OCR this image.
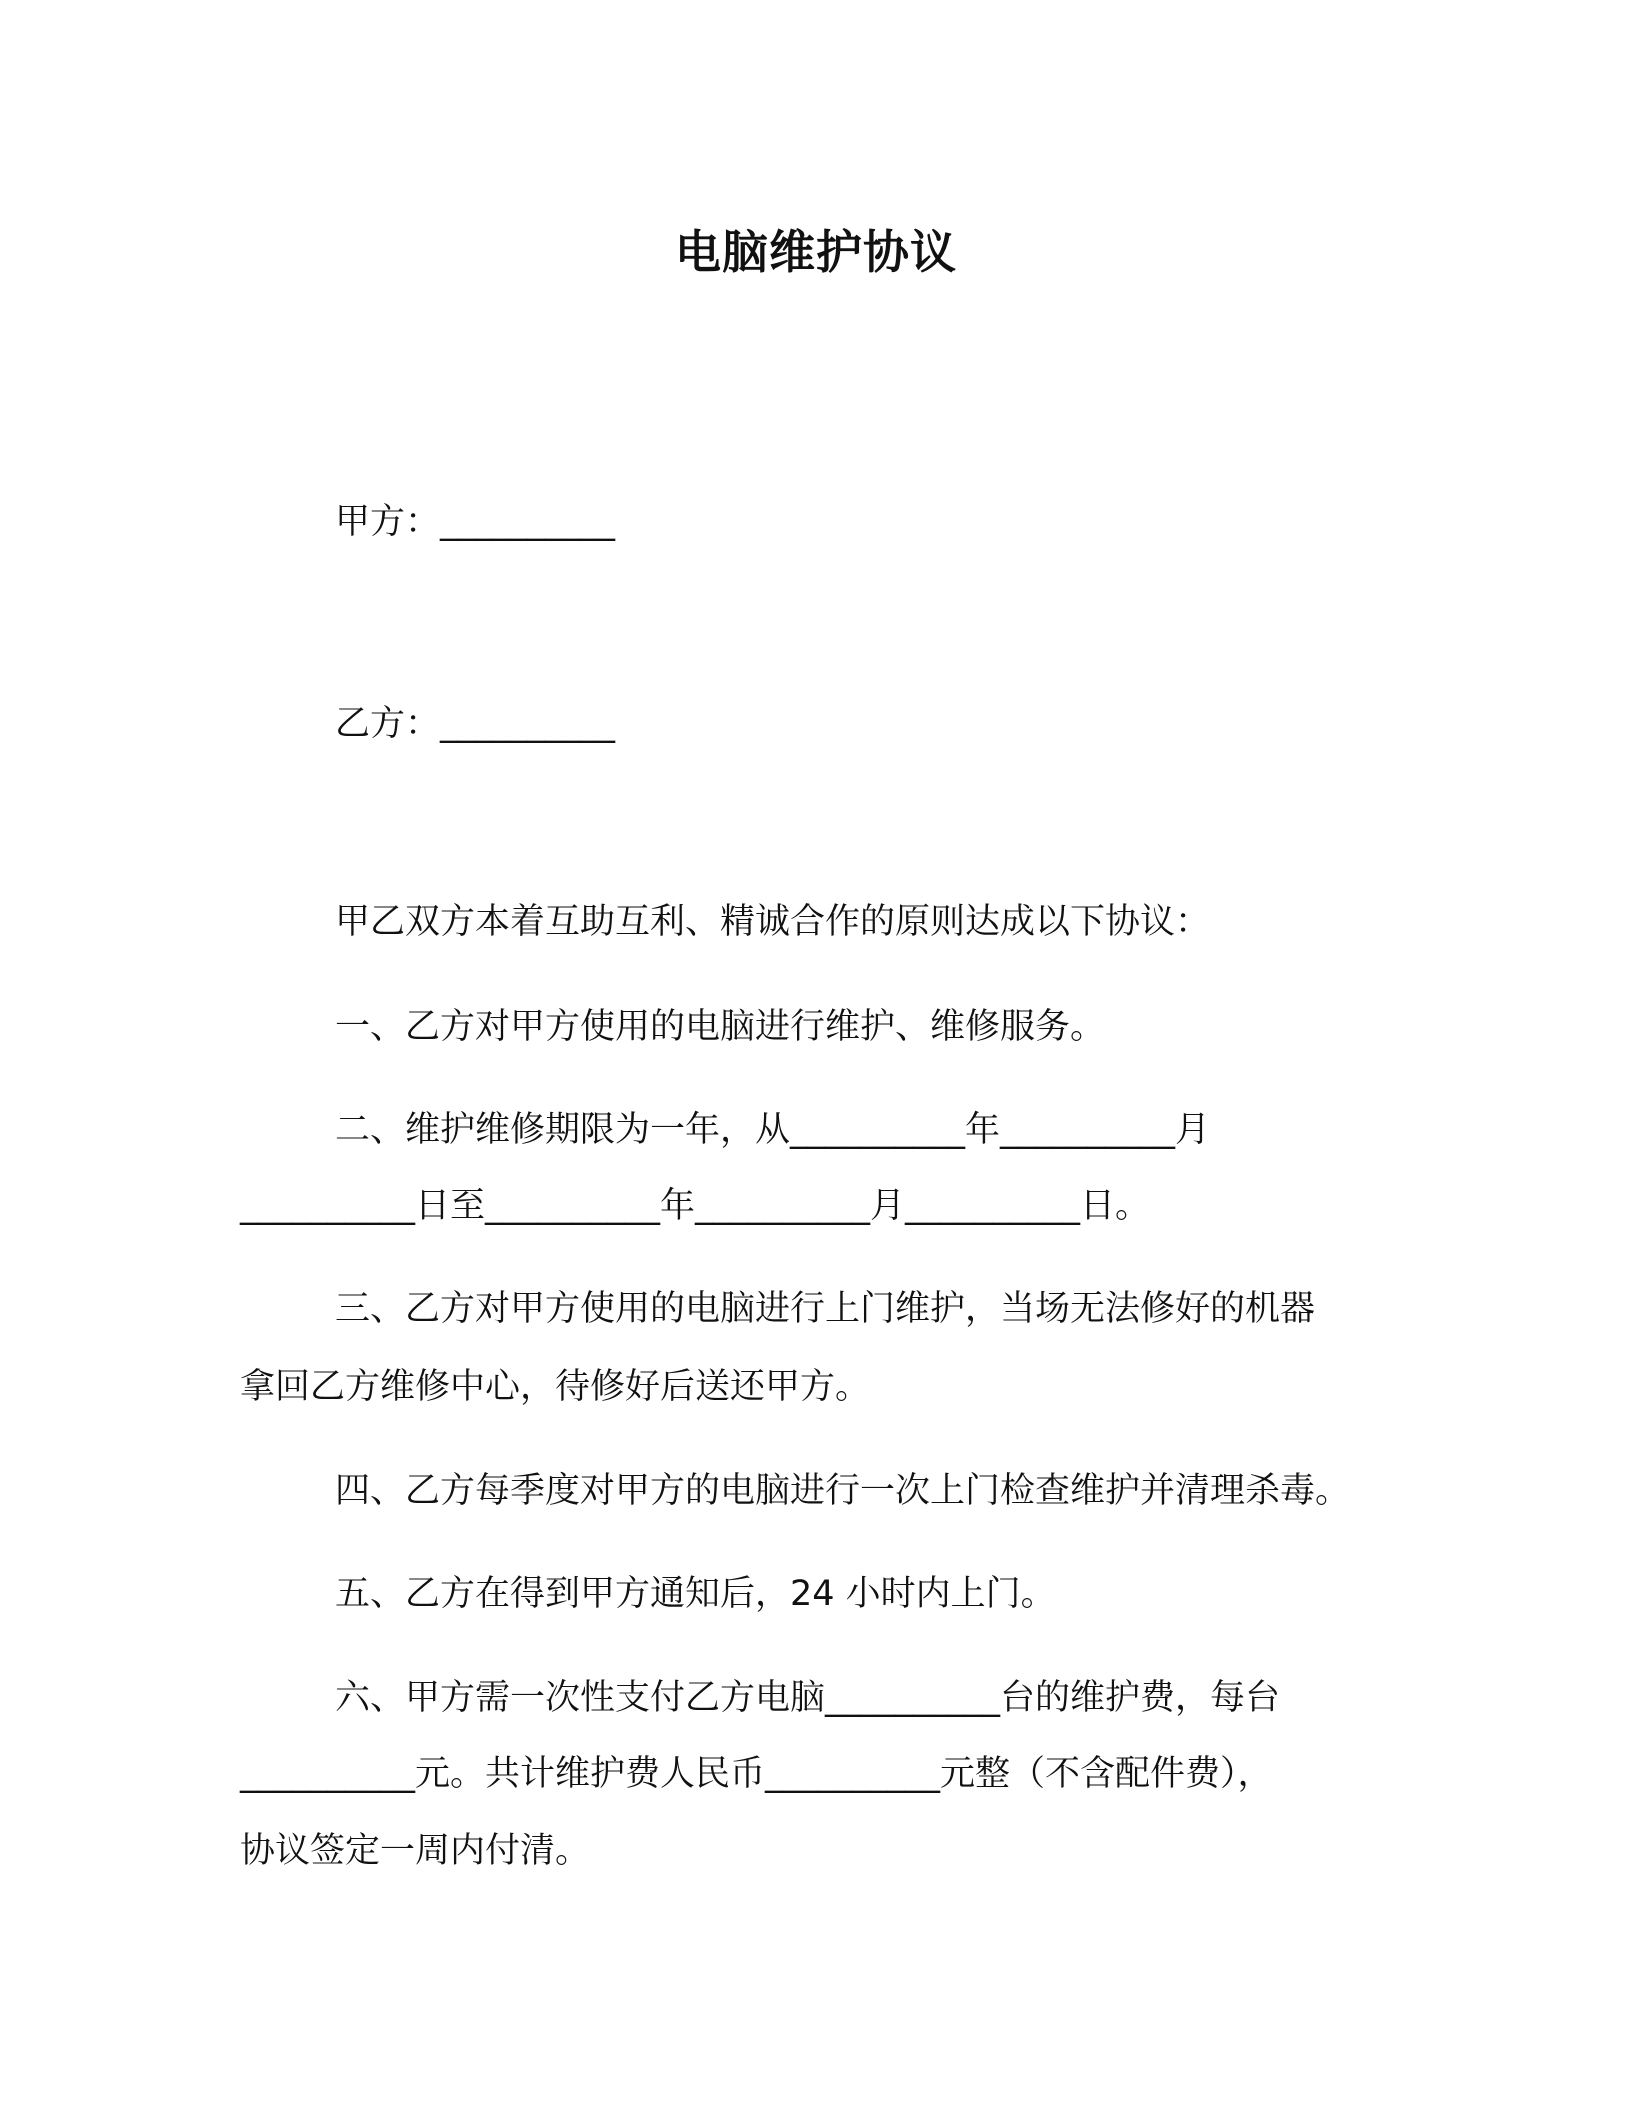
电脑维护协议
甲方：__________
乙方：__________
甲乙双方本着互助互利、精诚合作的原则达成以下协议：
一、乙方对甲方使用的电脑进行维护、维修服务。
二、维护维修期限为一年，从__________年__________月
__________日至__________年__________月__________日。
三、乙方对甲方使用的电脑进行上门维护，当场无法修好的机器
拿回乙方维修中心，待修好后送还甲方。
四、乙方每季度对甲方的电脑进行一次上门检查维护并清理杀毒。
五、乙方在得到甲方通知后，24 小时内上门。
六、甲方需一次性支付乙方电脑__________台的维护费，每台
__________元。共计维护费人民币__________元整（不含配件费），
协议签定一周内付清。
